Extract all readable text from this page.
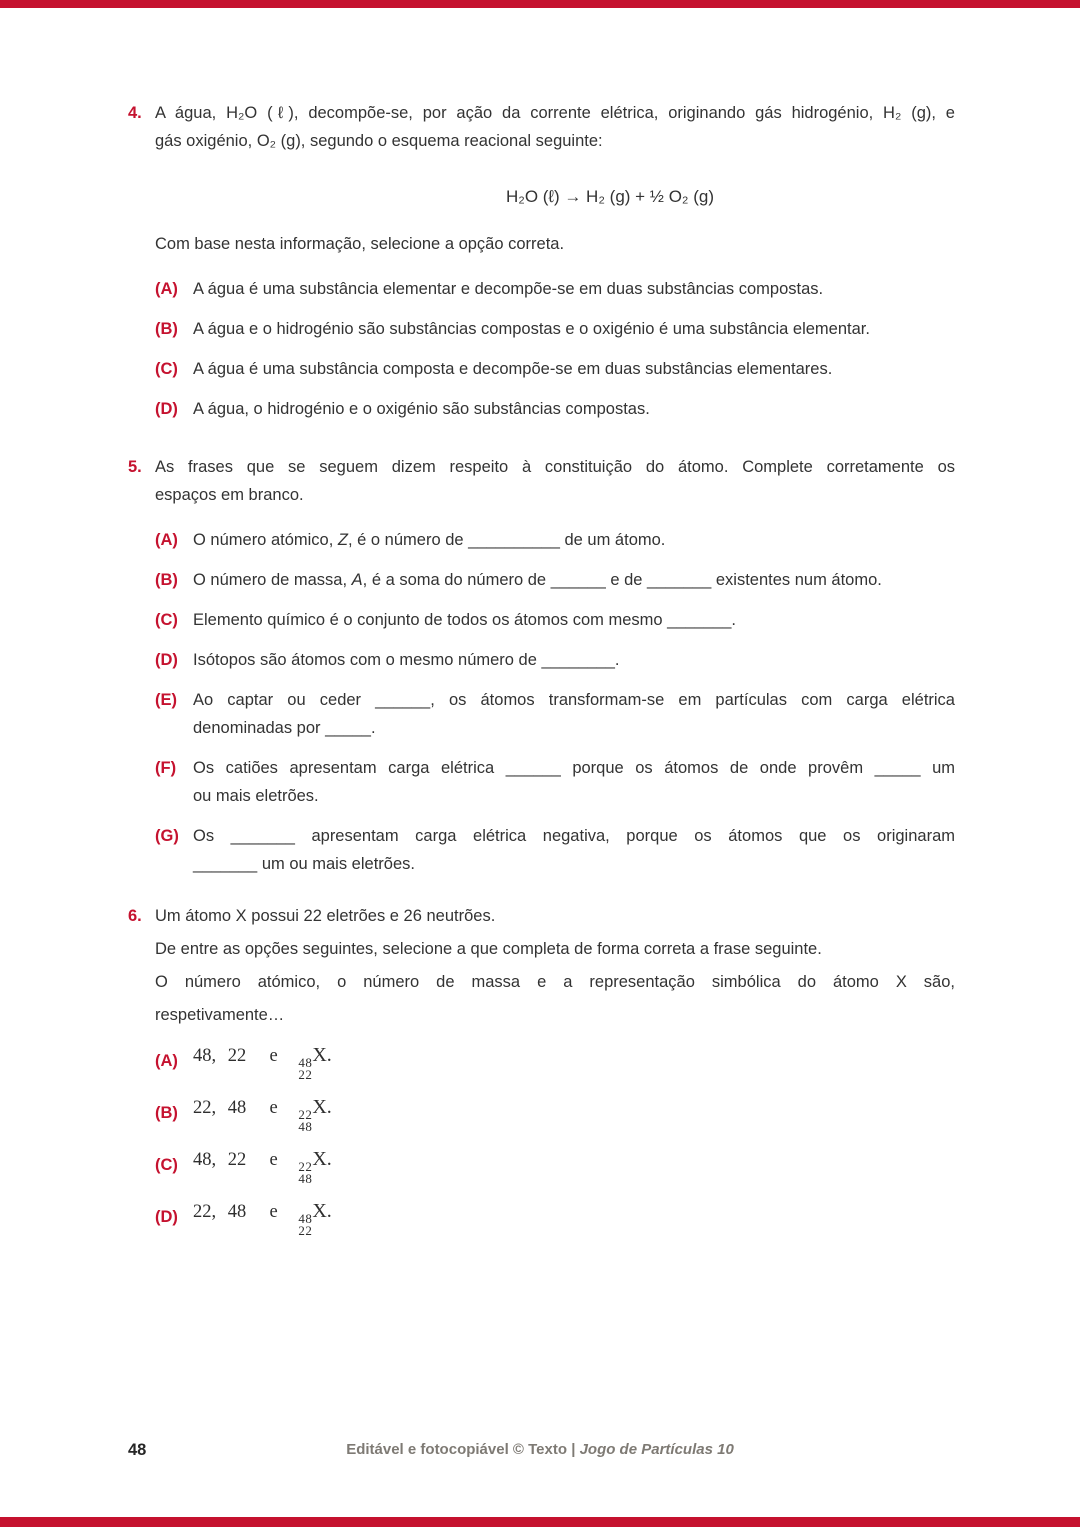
4. A água, H₂O (ℓ), decompõe-se, por ação da corrente elétrica, originando gás hidrogénio, H₂ (g), e
gás oxigénio, O₂ (g), segundo o esquema reacional seguinte:
H₂O (ℓ) → H₂ (g) + ½ O₂ (g)
Com base nesta informação, selecione a opção correta.
(A) A água é uma substância elementar e decompõe-se em duas substâncias compostas.
(B) A água e o hidrogénio são substâncias compostas e o oxigénio é uma substância elementar.
(C) A água é uma substância composta e decompõe-se em duas substâncias elementares.
(D) A água, o hidrogénio e o oxigénio são substâncias compostas.
5. As frases que se seguem dizem respeito à constituição do átomo. Complete corretamente os
espaços em branco.
(A) O número atómico, Z, é o número de __________ de um átomo.
(B) O número de massa, A, é a soma do número de ______ e de _______ existentes num átomo.
(C) Elemento químico é o conjunto de todos os átomos com mesmo _______.
(D) Isótopos são átomos com o mesmo número de ________.
(E) Ao captar ou ceder ______, os átomos transformam-se em partículas com carga elétrica
denominadas por _____.
(F)	Os catiões apresentam carga elétrica ______ porque os átomos de onde provêm _____ um
ou mais eletrões.
(G) Os _______ apresentam carga elétrica negativa, porque os átomos que os originaram
_______ um ou mais eletrões.
6. Um átomo X possui 22 eletrões e 26 neutrões.
De entre as opções seguintes, selecione a que completa de forma correta a frase seguinte.
O número atómico, o número de massa e a representação simbólica do átomo X são,
respetivamente…
(A) 48, 22  e 48
22
X.
(B) 22, 48  e 22
48
X.
(C) 48, 22  e 22
48
X.
(D) 22, 48  e 48
22
X.
48	Editável e fotocopiável © Texto | Jogo de Partículas 10
